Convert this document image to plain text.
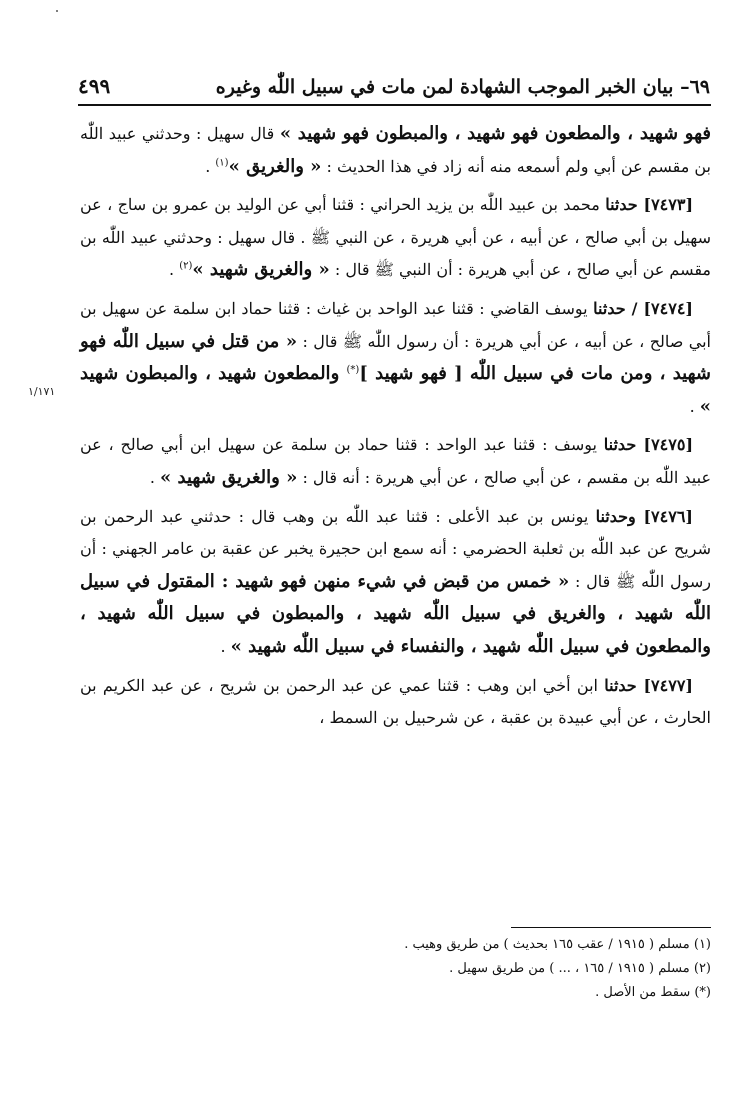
٦٩– بيان الخبر الموجب الشهادة لمن مات في سبيل اللّٰه وغيره
٤٩٩
١/١٧١

فهو شهيد ، والمطعون فهو شهيد ، والمبطون فهو شهيد » قال سهيل : وحدثني عبيد اللّٰه بن مقسم عن أبي ولم أسمعه منه أنه زاد في هذا الحديث : « والغريق »$^{(١)}$ .

[٧٤٧٣] حدثنا محمد بن عبيد اللّٰه بن يزيد الحراني : قثنا أبي عن الوليد بن عمرو بن ساج ، عن سهيل بن أبي صالح ، عن أبيه ، عن أبي هريرة ، عن النبي ﷺ . قال سهيل : وحدثني عبيد اللّٰه بن مقسم عن أبي صالح ، عن أبي هريرة : أن النبي ﷺ قال : « والغريق شهيد »$^{(٢)}$ .

[٧٤٧٤] / حدثنا يوسف القاضي : قثنا عبد الواحد بن غياث : قثنا حماد ابن سلمة عن سهيل بن أبي صالح ، عن أبيه ، عن أبي هريرة : أن رسول اللّٰه ﷺ قال : « من قتل في سبيل اللّٰه فهو شهيد ، ومن مات في سبيل اللّٰه [ فهو شهيد ](*) والمطعون شهيد ، والمبطون شهيد » .

[٧٤٧٥] حدثنا يوسف : قثنا عبد الواحد : قثنا حماد بن سلمة عن سهيل ابن أبي صالح ، عن عبيد اللّٰه بن مقسم ، عن أبي صالح ، عن أبي هريرة : أنه قال : « والغريق شهيد » .

[٧٤٧٦] وحدثنا يونس بن عبد الأعلى : قثنا عبد اللّٰه بن وهب قال : حدثني عبد الرحمن بن شريح عن عبد اللّٰه بن ثعلبة الحضرمي : أنه سمع ابن حجيرة يخبر عن عقبة بن عامر الجهني : أن رسول اللّٰه ﷺ قال : « خمس من قبض في شيء منهن فهو شهيد : المقتول في سبيل اللّٰه شهيد ، والغريق في سبيل اللّٰه شهيد ، والمبطون في سبيل اللّٰه شهيد ، والمطعون في سبيل اللّٰه شهيد ، والنفساء في سبيل اللّٰه شهيد » .

[٧٤٧٧] حدثنا ابن أخي ابن وهب : قثنا عمي عن عبد الرحمن بن شريح ، عن عبد الكريم بن الحارث ، عن أبي عبيدة بن عقبة ، عن شرحبيل بن السمط ،

(١) مسلم ( ١٩١٥ / عقب ١٦٥ بحديث ) من طريق وهيب .

(٢) مسلم ( ١٩١٥ / ١٦٥ ، ... ) من طريق سهيل .

(*) سقط من الأصل .
